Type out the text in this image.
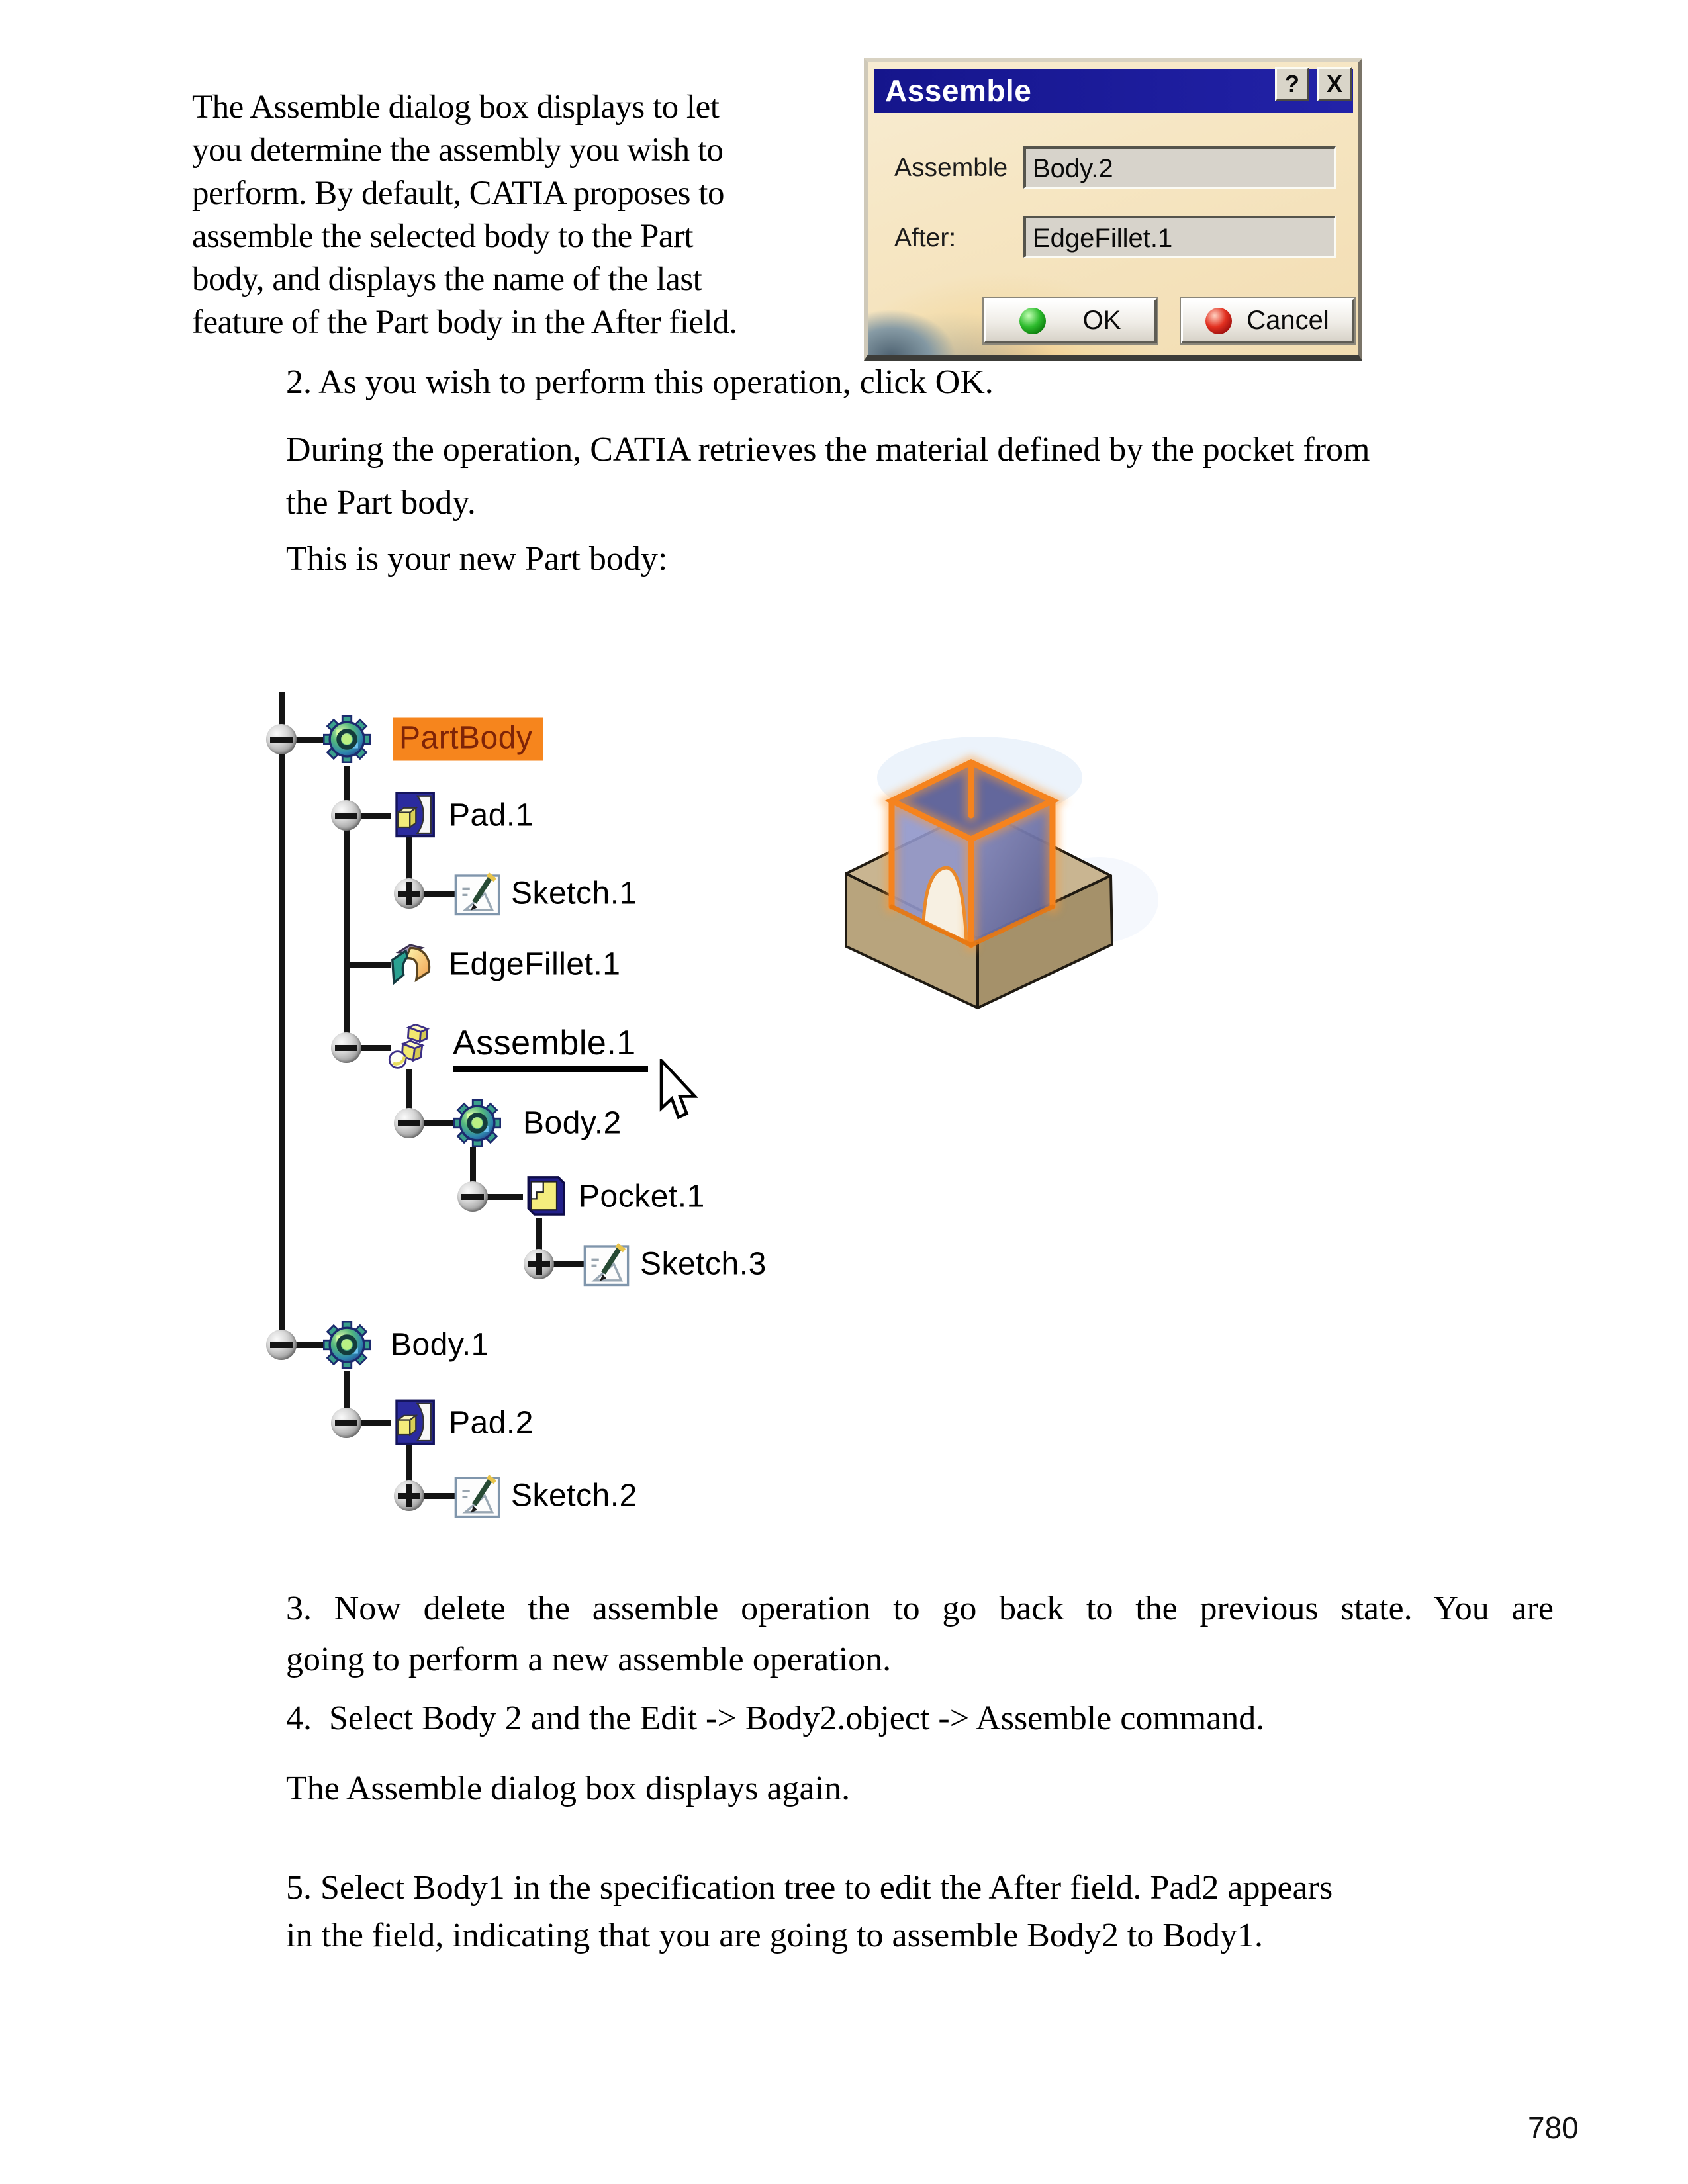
The Assemble dialog box displays to let
you determine the assembly you wish to
perform. By default, CATIA proposes to
assemble the selected body to the Part
body, and displays the name of the last
feature of the Part body in the After field.
Assemble	?	X
Assemble Body.2
After:	EdgeFillet.1
OK	Cancel
2. As you wish to perform this operation, click OK.
During the operation, CATIA retrieves the material defined by the pocket from
the Part body.
This is your new Part body:
PartBody
Pad.1
Sketch.1
EdgeFillet.1
Assemble.1
Body.2
Pocket.1
Sketch.3
Body.1
Pad.2
Sketch.2
3. Now delete the assemble operation to go back to the previous state. You are
going to perform a new assemble operation.
4.  Select Body 2 and the Edit -> Body2.object -> Assemble command.
The Assemble dialog box displays again.
5. Select Body1 in the specification tree to edit the After field. Pad2 appears
in the field, indicating that you are going to assemble Body2 to Body1.
780
